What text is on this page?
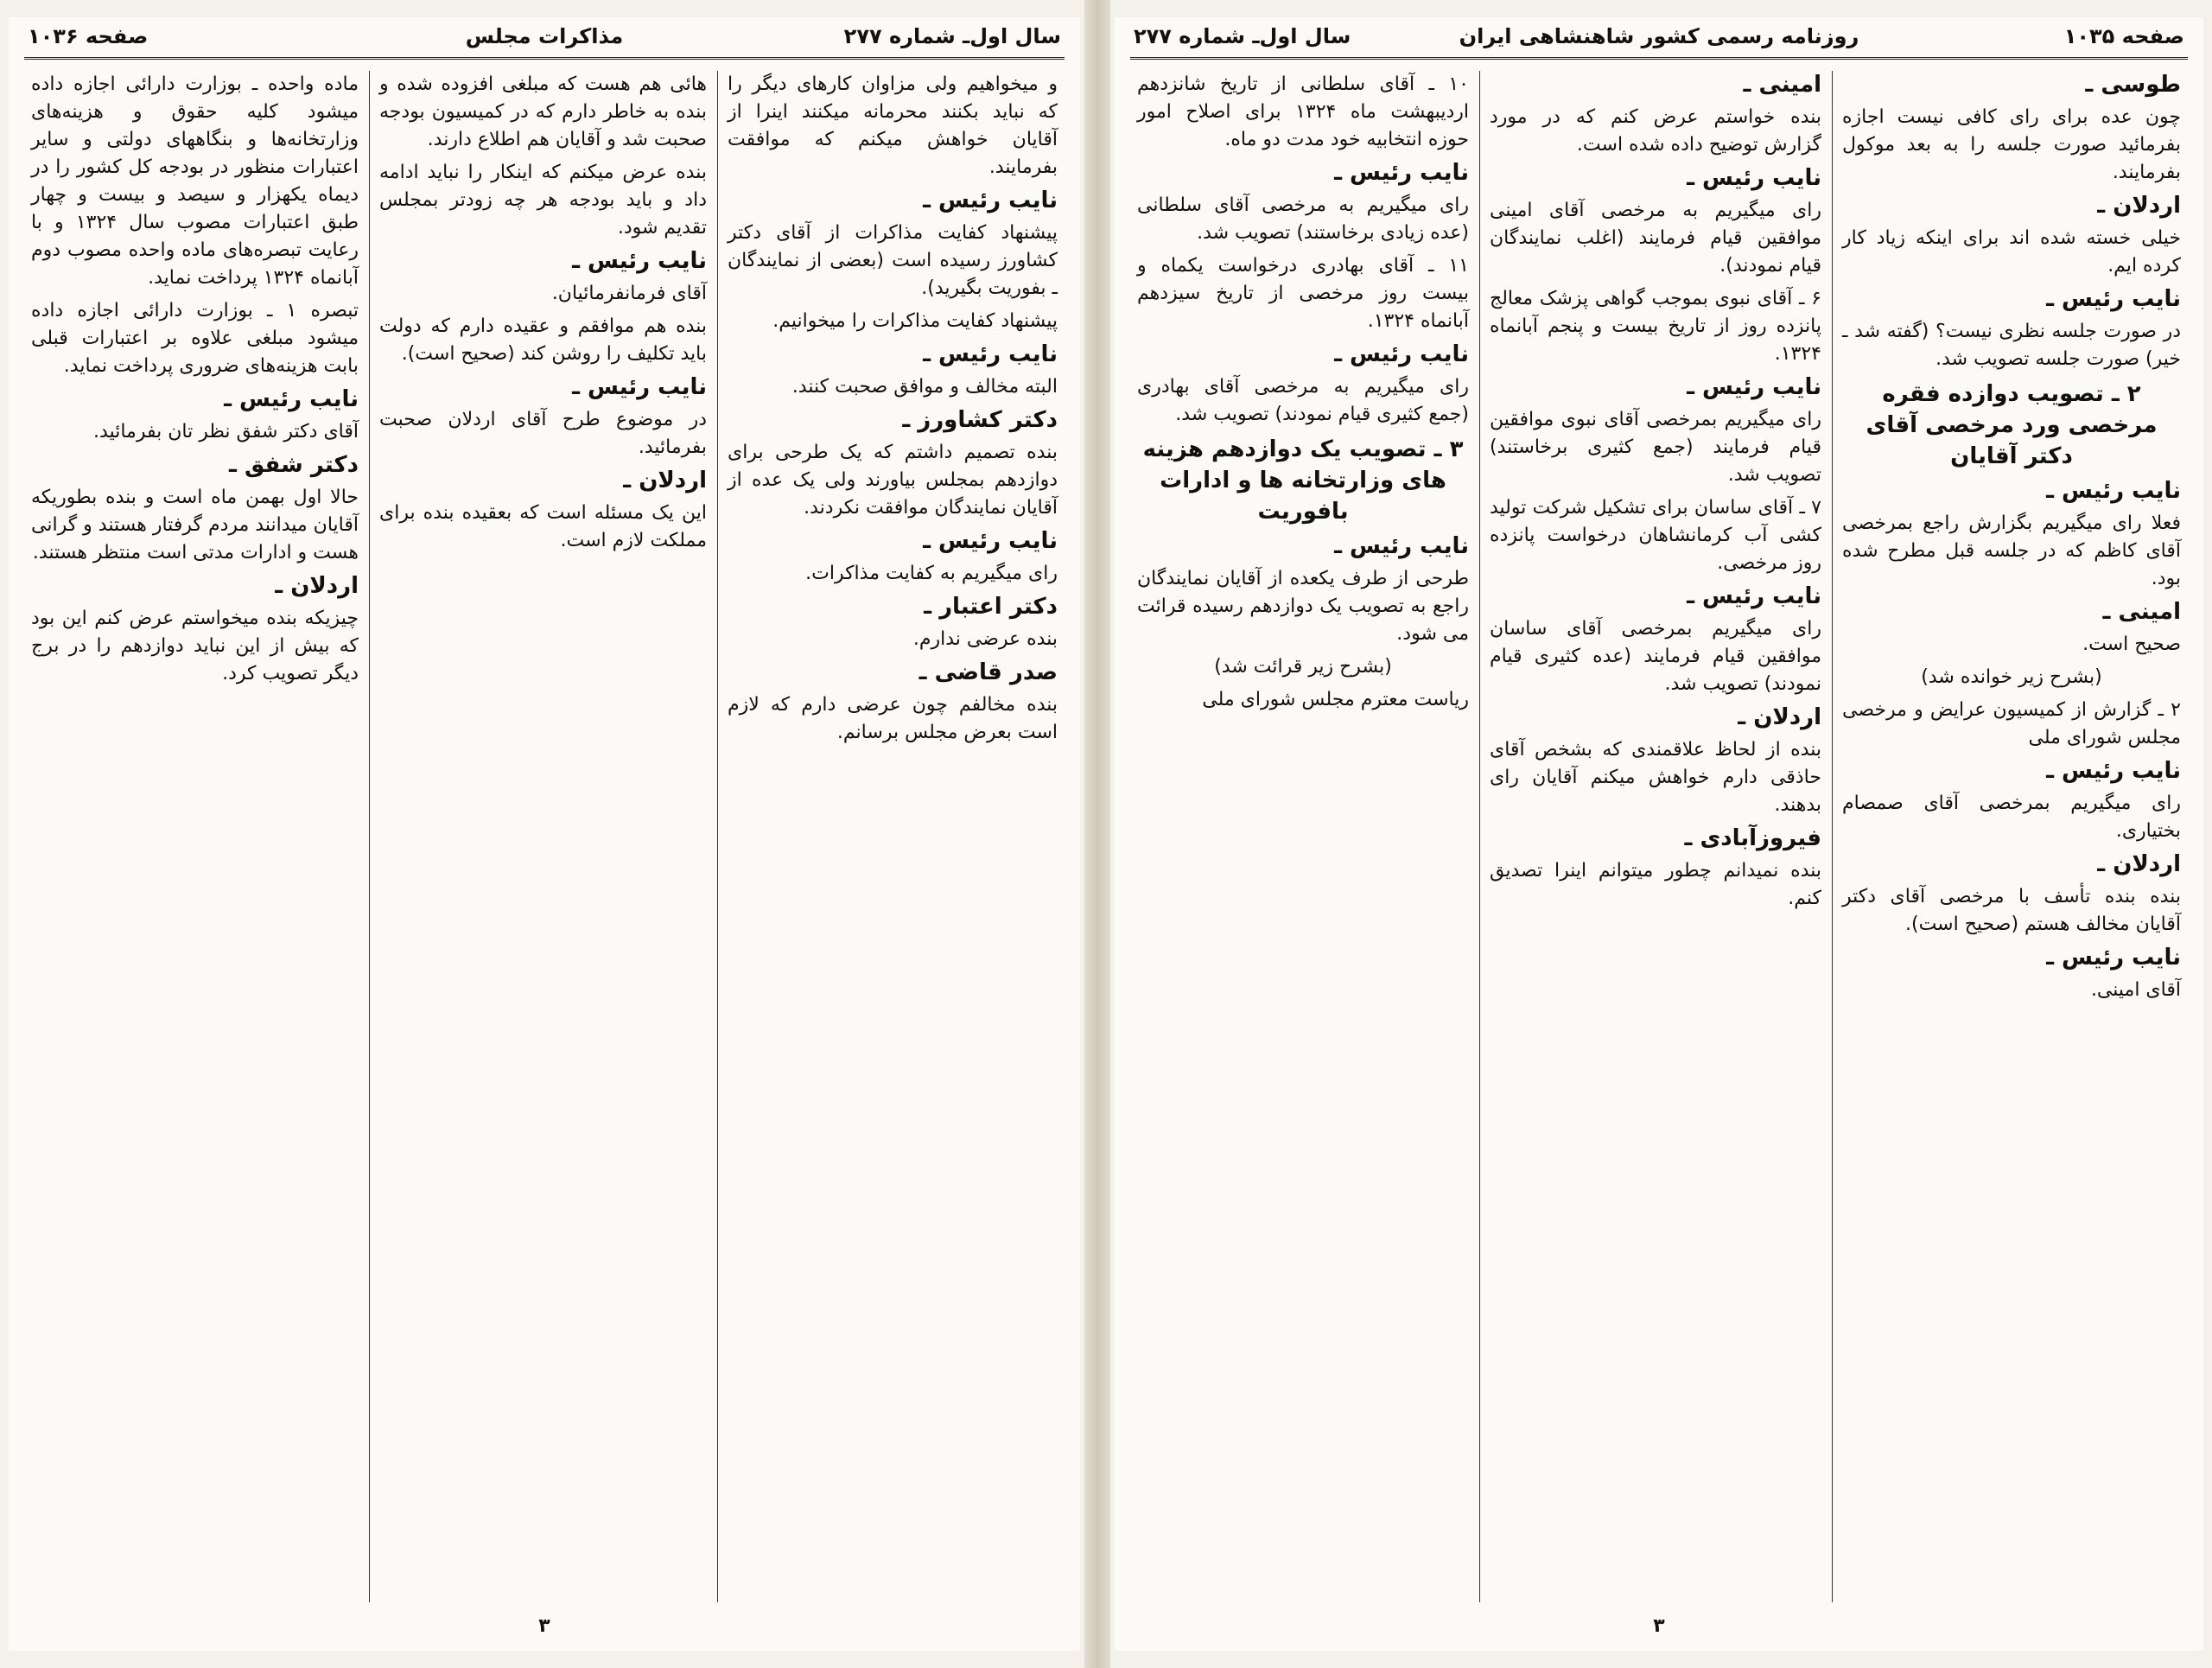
سال اول‌ـ شماره ۲۷۷
مذاکرات مجلس
صفحه ۱۰۳۶

ماده واحده ـ بوزارت دارائی اجازه داده میشود کلیه حقوق و هزینه‌های وزارتخانه‌ها و بنگاههای دولتی و سایر اعتبارات منظور در بودجه کل کشور را در دیماه یکهزار و سیصد و بیست و چهار طبق اعتبارات مصوب سال ۱۳۲۴ و با رعایت تبصره‌های ماده واحده مصوب دوم آبانماه ۱۳۲۴ پرداخت نماید.

تبصره ۱ ـ بوزارت دارائی اجازه داده میشود مبلغی علاوه بر اعتبارات قبلی بابت هزینه‌های ضروری پرداخت نماید.

نایب رئیس ـ

آقای دکتر شفق نظر تان بفرمائید.

دکتر شفق ـ

حالا اول بهمن ماه است و بنده بطوریکه آقایان میدانند مردم گرفتار هستند و گرانی هست و ادارات مدتی است منتظر هستند.

اردلان ـ

چیزیکه بنده میخواستم عرض کنم این بود که بیش از این نباید دوازدهم را در برج دیگر تصویب کرد.

هائی هم هست که مبلغی افزوده شده و بنده به خاطر دارم که در کمیسیون بودجه صحبت شد و آقایان هم اطلاع دارند.

بنده عرض میکنم که اینکار را نباید ادامه داد و باید بودجه هر چه زودتر بمجلس تقدیم شود.

نایب رئیس ـ

آقای فرمانفرمائیان.

بنده هم موافقم و عقیده دارم که دولت باید تکلیف را روشن کند (صحیح است).

نایب رئیس ـ

در موضوع طرح آقای اردلان صحبت بفرمائید.

اردلان ـ

این یک مسئله است که بعقیده بنده برای مملکت لازم است.

و میخواهیم ولی مزاوان کارهای دیگر را که نباید بکنند محرمانه میکنند اینرا از آقایان خواهش میکنم که موافقت بفرمایند.

نایب رئیس ـ

پیشنهاد کفایت مذاکرات از آقای دکتر کشاورز رسیده است (بعضی از نمایندگان ـ بفوریت بگیرید).

پیشنهاد کفایت مذاکرات را میخوانیم.

نایب رئیس ـ

البته مخالف و موافق صحبت کنند.

دکتر کشاورز ـ

بنده تصمیم داشتم که یک طرحی برای دوازدهم بمجلس بیاورند ولی یک عده از آقایان نمایندگان موافقت نکردند.

نایب رئیس ـ

رای میگیریم به کفایت مذاکرات.

دکتر اعتبار ـ

بنده عرضی ندارم.

صدر قاضی ـ

بنده مخالفم چون عرضی دارم که لازم است بعرض مجلس برسانم.

۳
صفحه ۱۰۳۵
روزنامه رسمی کشور شاهنشاهی ایران
سال اول‌ـ شماره ۲۷۷

۱۰ ـ آقای سلطانی از تاریخ شانزدهم اردیبهشت ماه ۱۳۲۴ برای اصلاح امور حوزه انتخابیه خود مدت دو ماه.

نایب رئیس ـ

رای میگیریم به مرخصی آقای سلطانی (عده زیادی برخاستند) تصویب شد.

۱۱ ـ آقای بهادری درخواست یکماه و بیست روز مرخصی از تاریخ سیزدهم آبانماه ۱۳۲۴.

نایب رئیس ـ

رای میگیریم به مرخصی آقای بهادری (جمع کثیری قیام نمودند) تصویب شد.

۳ ـ تصویب یک دوازدهم هزینه های وزارتخانه ها و ادارات بافوریت

نایب رئیس ـ

طرحی از طرف یکعده از آقایان نمایندگان راجع به تصویب یک دوازدهم رسیده قرائت می شود.

(بشرح زیر قرائت شد)

ریاست معترم مجلس شورای ملی

امینی ـ

بنده خواستم عرض کنم که در مورد گزارش توضیح داده شده است.

نایب رئیس ـ

رای میگیریم به مرخصی آقای امینی موافقین قیام فرمایند (اغلب نمایندگان قیام نمودند).

۶ ـ آقای نبوی بموجب گواهی پزشک معالج پانزده روز از تاریخ بیست و پنجم آبانماه ۱۳۲۴.

نایب رئیس ـ

رای میگیریم بمرخصی آقای نبوی موافقین قیام فرمایند (جمع کثیری برخاستند) تصویب شد.

۷ ـ آقای ساسان برای تشکیل شرکت تولید کشی آب کرمانشاهان درخواست پانزده روز مرخصی.

نایب رئیس ـ

رای میگیریم بمرخصی آقای ساسان موافقین قیام فرمایند (عده کثیری قیام نمودند) تصویب شد.

اردلان ـ

بنده از لحاظ علاقمندی که بشخص آقای حاذقی دارم خواهش میکنم آقایان رای بدهند.

فیروزآبادی ـ

بنده نمیدانم چطور میتوانم اینرا تصدیق کنم.

طوسی ـ

چون عده برای رای کافی نیست اجازه بفرمائید صورت جلسه را به بعد موکول بفرمایند.

اردلان ـ

خیلی خسته شده اند برای اینکه زیاد کار کرده ایم.

نایب رئیس ـ

در صورت جلسه نظری نیست؟ (گفته شد ـ خیر) صورت جلسه تصویب شد.

۲ ـ تصویب دوازده فقره مرخصی ورد مرخصی آقای دکتر آقایان

نایب رئیس ـ

فعلا رای میگیریم بگزارش راجع بمرخصی آقای کاظم که در جلسه قبل مطرح شده بود.

امینی ـ

صحیح است.

(بشرح زیر خوانده شد)

۲ ـ گزارش از کمیسیون عرایض و مرخصی مجلس شورای ملی

نایب رئیس ـ

رای میگیریم بمرخصی آقای صمصام بختیاری.

اردلان ـ

بنده بنده تأسف با مرخصی آقای دکتر آقایان مخالف هستم (صحیح است).

نایب رئیس ـ

آقای امینی.

۳
